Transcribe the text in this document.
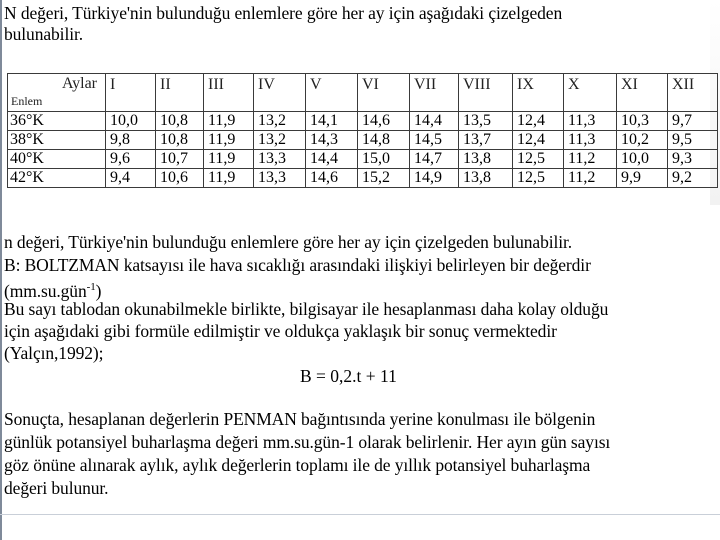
N değeri, Türkiye'nin bulunduğu enlemlere göre her ay için aşağıdaki çizelgeden
bulunabilir.
Aylar
Enlem	I	II	III	IV	V	VI	VII	VIII	IX	X	XI	XII
36°K	10,0	10,8	11,9	13,2	14,1	14,6	14,4	13,5	12,4	11,3	10,3	9,7
38°K	9,8	10,8	11,9	13,2	14,3	14,8	14,5	13,7	12,4	11,3	10,2	9,5
40°K	9,6	10,7	11,9	13,3	14,4	15,0	14,7	13,8	12,5	11,2	10,0	9,3
42°K	9,4	10,6	11,9	13,3	14,6	15,2	14,9	13,8	12,5	11,2	9,9	9,2
n değeri, Türkiye'nin bulunduğu enlemlere göre her ay için çizelgeden bulunabilir.
B: BOLTZMAN katsayısı ile hava sıcaklığı arasındaki ilişkiyi belirleyen bir değerdir
(mm.su.gün$^{-1}$)
Bu sayı tablodan okunabilmekle birlikte, bilgisayar ile hesaplanması daha kolay olduğu
için aşağıdaki gibi formüle edilmiştir ve oldukça yaklaşık bir sonuç vermektedir
(Yalçın,1992);
B = 0,2.t + 11
Sonuçta, hesaplanan değerlerin PENMAN bağıntısında yerine konulması ile bölgenin
günlük potansiyel buharlaşma değeri mm.su.gün-1 olarak belirlenir. Her ayın gün sayısı
göz önüne alınarak aylık, aylık değerlerin toplamı ile de yıllık potansiyel buharlaşma
değeri bulunur.
